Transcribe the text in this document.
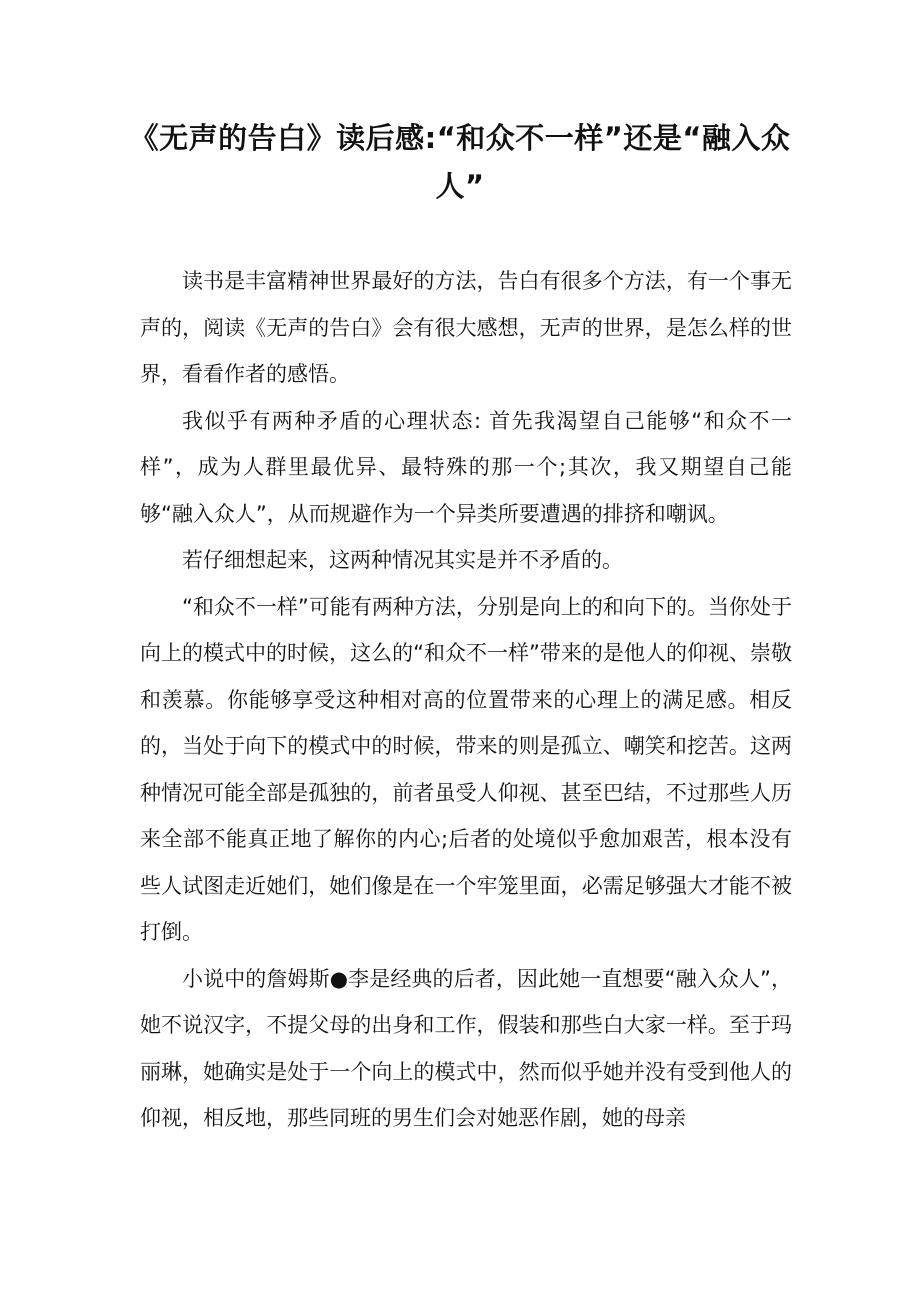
《无声的告白》读后感:“和众不一样”还是“融入众人”

读书是丰富精神世界最好的方法，告白有很多个方法，有一个事无声的，阅读《无声的告白》会有很大感想，无声的世界，是怎么样的世界，看看作者的感悟。

我似乎有两种矛盾的心理状态: 首先我渴望自己能够“和众不一样”，成为人群里最优异、最特殊的那一个;其次，我又期望自己能够“融入众人”，从而规避作为一个异类所要遭遇的排挤和嘲讽。

若仔细想起来，这两种情况其实是并不矛盾的。

“和众不一样”可能有两种方法，分别是向上的和向下的。当你处于向上的模式中的时候，这么的“和众不一样”带来的是他人的仰视、崇敬和羡慕。你能够享受这种相对高的位置带来的心理上的满足感。相反的，当处于向下的模式中的时候，带来的则是孤立、嘲笑和挖苦。这两种情况可能全部是孤独的，前者虽受人仰视、甚至巴结，不过那些人历来全部不能真正地了解你的内心;后者的处境似乎愈加艰苦，根本没有些人试图走近她们，她们像是在一个牢笼里面，必需足够强大才能不被打倒。

小说中的詹姆斯●李是经典的后者，因此她一直想要“融入众人”，她不说汉字，不提父母的出身和工作，假装和那些白大家一样。至于玛丽琳，她确实是处于一个向上的模式中，然而似乎她并没有受到他人的仰视，相反地，那些同班的男生们会对她恶作剧，她的母亲
